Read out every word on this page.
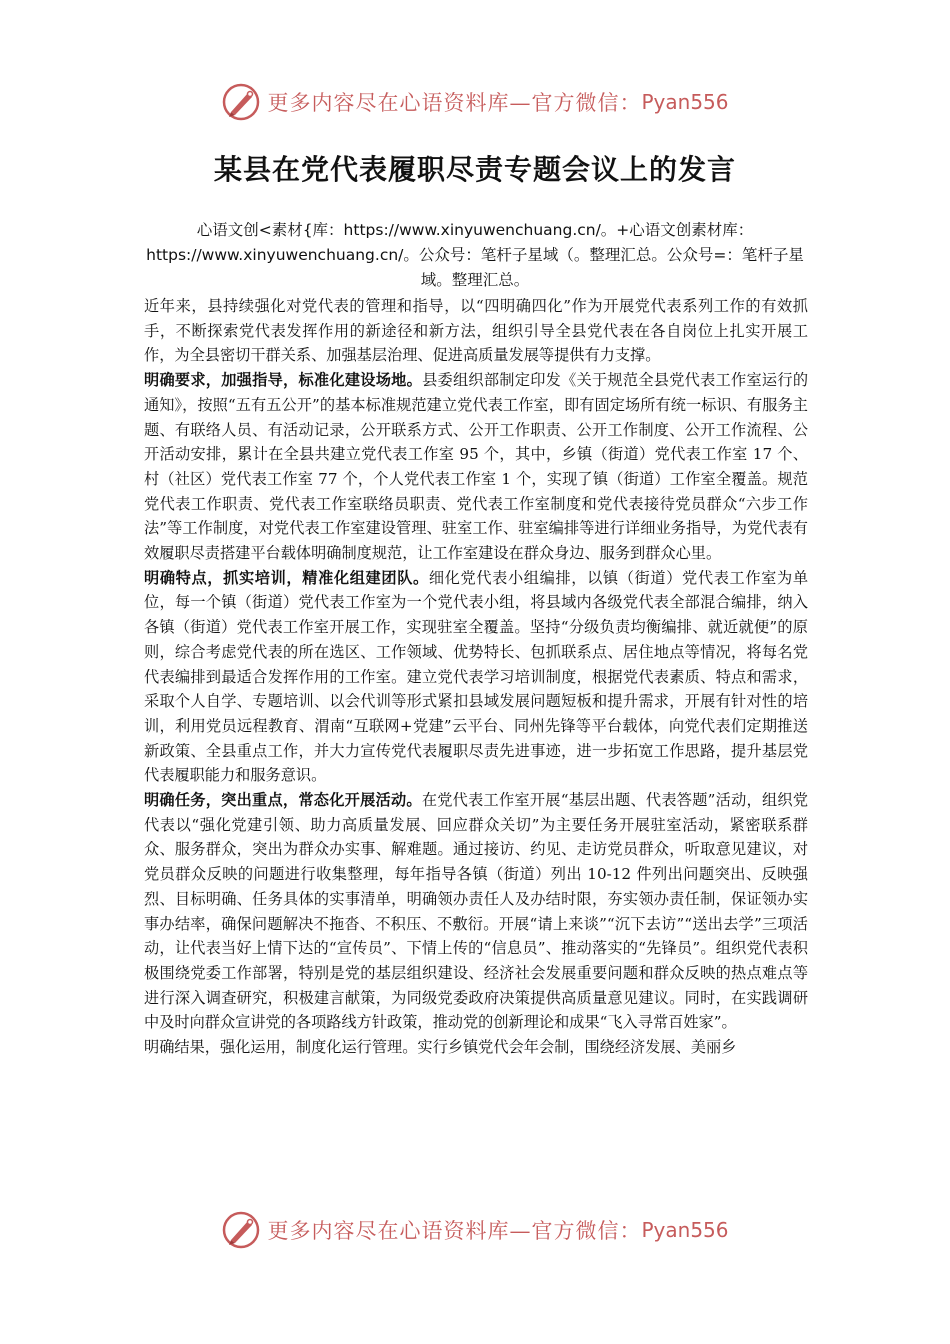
更多内容尽在心语资料库—官方微信： Pyan556
某县在党代表履职尽责专题会议上的发言
心语文创<素材{库：https://www.xinyuwenchuang.cn/。+心语文创素材库：https://www.xinyuwenchuang.cn/。公众号：笔杆子星域（。整理汇总。公众号=：笔杆子星域。整理汇总。

近年来，县持续强化对党代表的管理和指导，以“四明确四化”作为开展党代表系列工作的有效抓手，不断探索党代表发挥作用的新途径和新方法，组织引导全县党代表在各自岗位上扎实开展工作，为全县密切干群关系、加强基层治理、促进高质量发展等提供有力支撑。

明确要求，加强指导，标准化建设场地。县委组织部制定印发《关于规范全县党代表工作室运行的通知》，按照“五有五公开”的基本标准规范建立党代表工作室，即有固定场所有统一标识、有服务主题、有联络人员、有活动记录，公开联系方式、公开工作职责、公开工作制度、公开工作流程、公开活动安排，累计在全县共建立党代表工作室 95 个，其中，乡镇（街道）党代表工作室 17 个、村（社区）党代表工作室 77 个，个人党代表工作室 1 个，实现了镇（街道）工作室全覆盖。规范党代表工作职责、党代表工作室联络员职责、党代表工作室制度和党代表接待党员群众“六步工作法”等工作制度，对党代表工作室建设管理、驻室工作、驻室编排等进行详细业务指导，为党代表有效履职尽责搭建平台载体明确制度规范，让工作室建设在群众身边、服务到群众心里。

明确特点，抓实培训，精准化组建团队。细化党代表小组编排，以镇（街道）党代表工作室为单位，每一个镇（街道）党代表工作室为一个党代表小组，将县域内各级党代表全部混合编排，纳入各镇（街道）党代表工作室开展工作，实现驻室全覆盖。坚持“分级负责均衡编排、就近就便”的原则，综合考虑党代表的所在选区、工作领域、优势特长、包抓联系点、居住地点等情况，将每名党代表编排到最适合发挥作用的工作室。建立党代表学习培训制度，根据党代表素质、特点和需求，采取个人自学、专题培训、以会代训等形式紧扣县域发展问题短板和提升需求，开展有针对性的培训，利用党员远程教育、渭南“互联网+党建”云平台、同州先锋等平台载体，向党代表们定期推送新政策、全县重点工作，并大力宣传党代表履职尽责先进事迹，进一步拓宽工作思路，提升基层党代表履职能力和服务意识。

明确任务，突出重点，常态化开展活动。在党代表工作室开展“基层出题、代表答题”活动，组织党代表以“强化党建引领、助力高质量发展、回应群众关切”为主要任务开展驻室活动，紧密联系群众、服务群众，突出为群众办实事、解难题。通过接访、约见、走访党员群众，听取意见建议，对党员群众反映的问题进行收集整理，每年指导各镇（街道）列出 10-12 件列出问题突出、反映强烈、目标明确、任务具体的实事清单，明确领办责任人及办结时限，夯实领办责任制，保证领办实事办结率，确保问题解决不拖沓、不积压、不敷衍。开展“请上来谈”“沉下去访”“送出去学”三项活动，让代表当好上情下达的“宣传员”、下情上传的“信息员”、推动落实的“先锋员”。组织党代表积极围绕党委工作部署，特别是党的基层组织建设、经济社会发展重要问题和群众反映的热点难点等进行深入调查研究，积极建言献策，为同级党委政府决策提供高质量意见建议。同时，在实践调研中及时向群众宣讲党的各项路线方针政策，推动党的创新理论和成果“飞入寻常百姓家”。

明确结果，强化运用，制度化运行管理。实行乡镇党代会年会制，围绕经济发展、美丽乡

更多内容尽在心语资料库—官方微信： Pyan556
